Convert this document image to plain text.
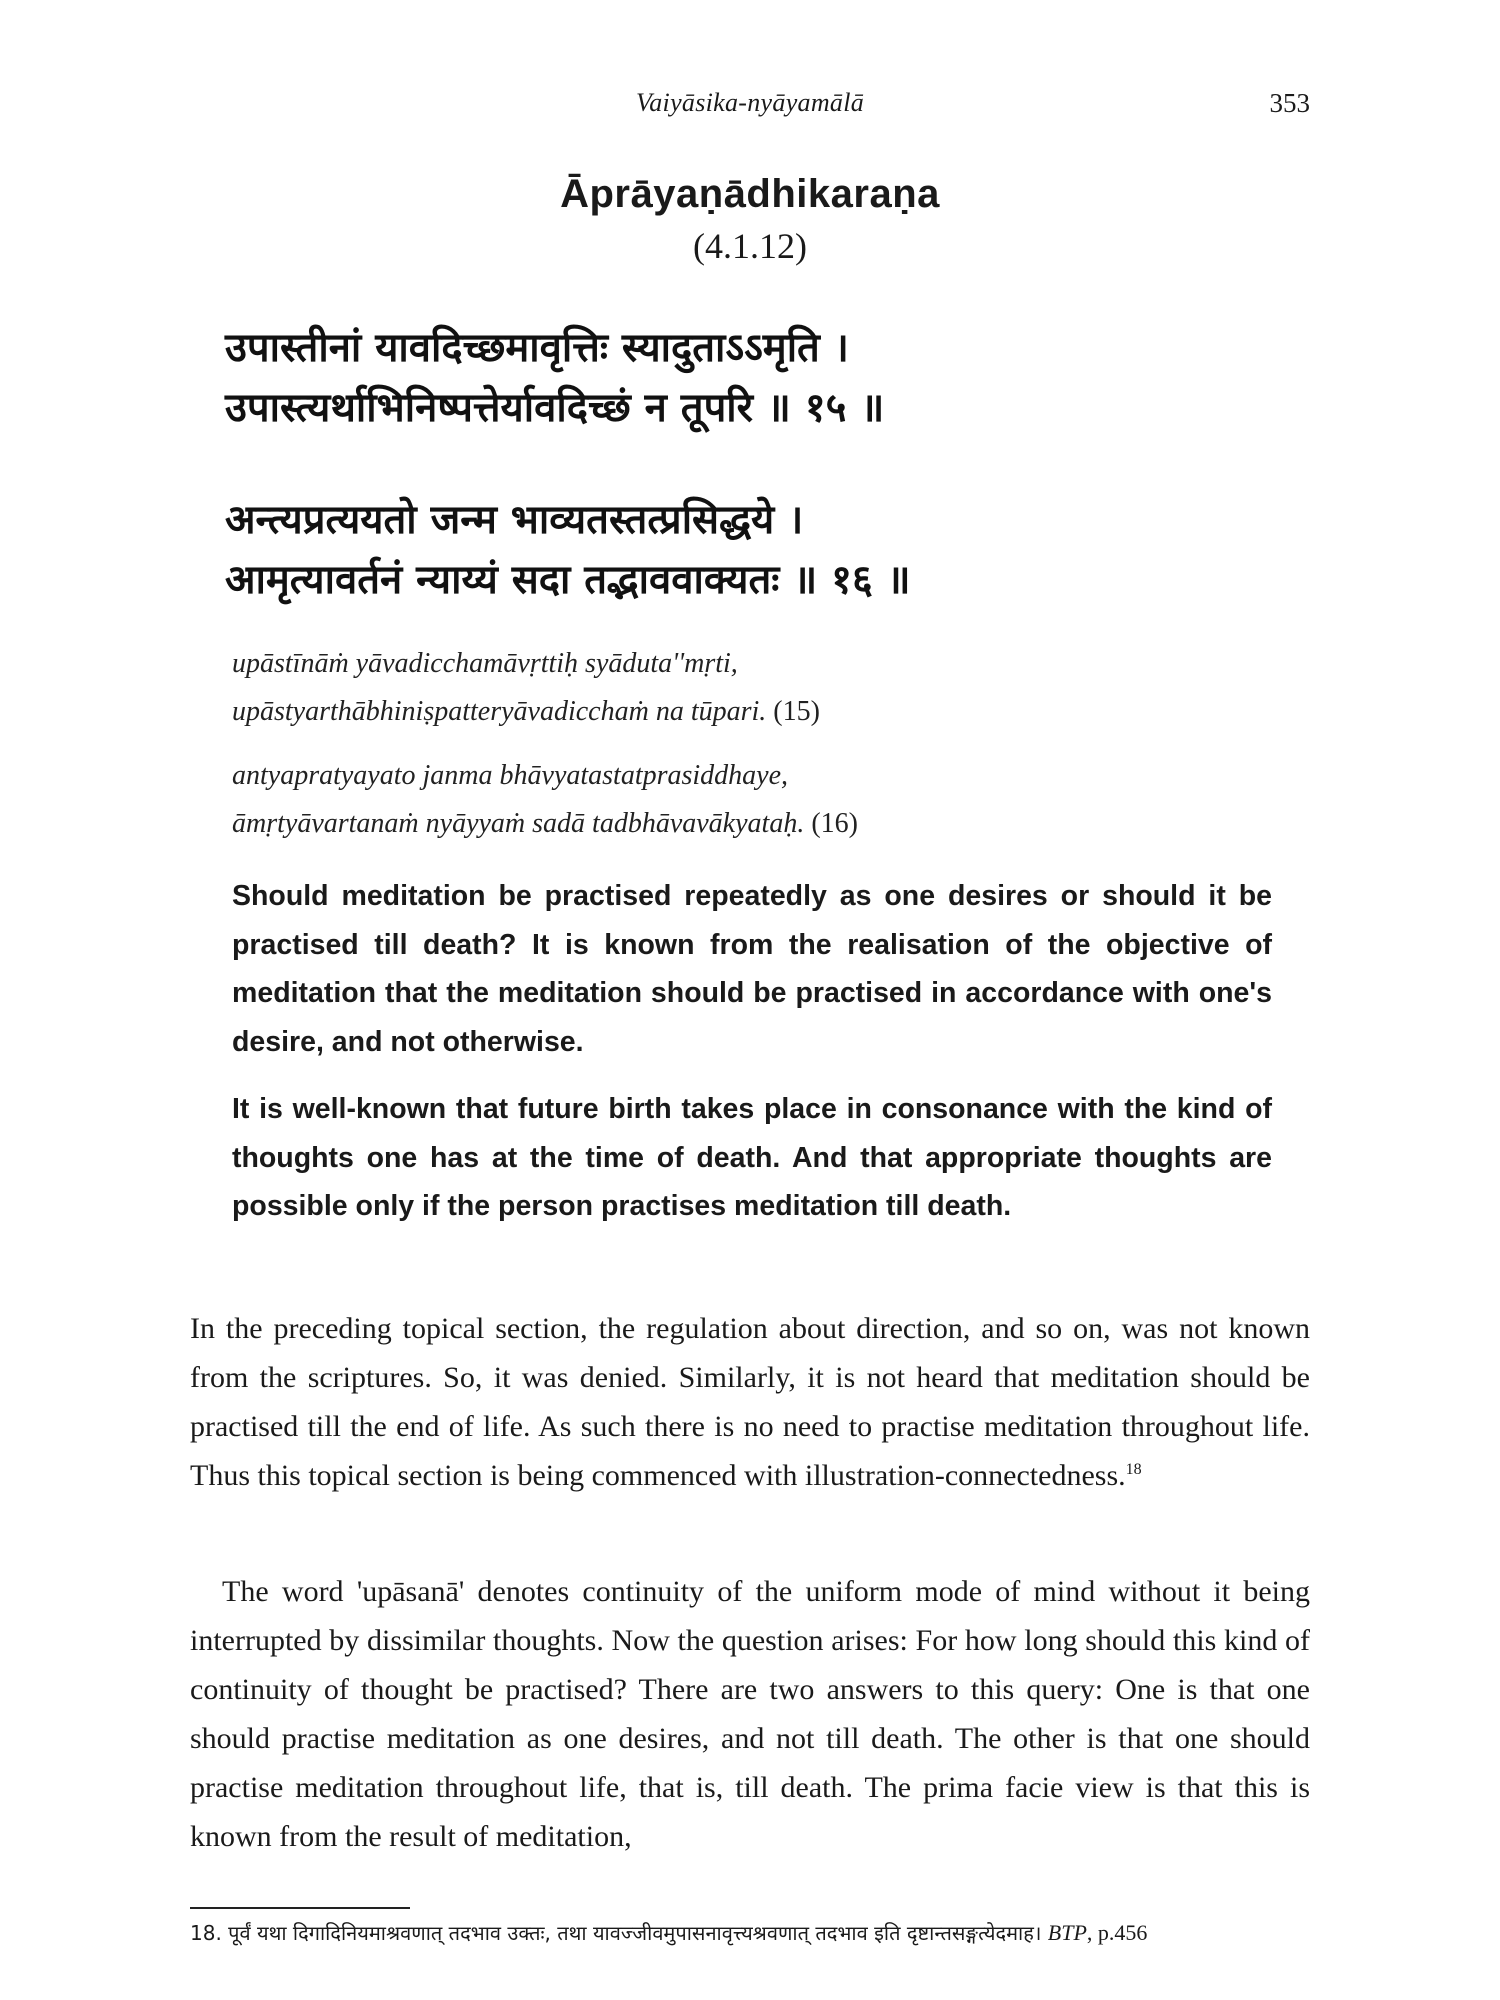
Vaiyāsika-nyāyamālā	353
Āprāyaṇādhikaraṇa
(4.1.12)
उपास्तीनां यावदिच्छमावृत्तिः स्यादुताऽऽमृति ।
उपास्त्यर्थाभिनिष्पत्तेर्यावदिच्छं न तूपरि ॥ १५ ॥
अन्त्यप्रत्ययतो जन्म भाव्यतस्तत्प्रसिद्धये ।
आमृत्यावर्तनं न्याय्यं सदा तद्भाववाक्यतः ॥ १६ ॥
upāstīnāṁ yāvadicchamāvṛttiḥ syāduta''mṛti,
upāstyarthābhiniṣpatteryāvadicchaṁ na tūpari. (15)
antyapratyayato janma bhāvyatastatprasiddhaye,
āmṛtyāvartanaṁ nyāyyaṁ sadā tadbhāvavākyataḥ. (16)
Should meditation be practised repeatedly as one desires or should it be practised till death? It is known from the realisation of the objective of meditation that the meditation should be practised in accordance with one's desire, and not otherwise.
It is well-known that future birth takes place in consonance with the kind of thoughts one has at the time of death. And that appropriate thoughts are possible only if the person practises meditation till death.
In the preceding topical section, the regulation about direction, and so on, was not known from the scriptures. So, it was denied. Similarly, it is not heard that meditation should be practised till the end of life. As such there is no need to practise meditation throughout life. Thus this topical section is being commenced with illustration-connectedness.$^{18}$
The word 'upāsanā' denotes continuity of the uniform mode of mind without it being interrupted by dissimilar thoughts. Now the question arises: For how long should this kind of continuity of thought be practised? There are two answers to this query: One is that one should practise meditation as one desires, and not till death. The other is that one should practise meditation throughout life, that is, till death. The prima facie view is that this is known from the result of meditation,
18. पूर्वं यथा दिगादिनियमाश्रवणात् तदभाव उक्तः, तथा यावज्जीवमुपासनावृत्त्यश्रवणात् तदभाव इति दृष्टान्तसङ्गत्येदमाह। BTP, p.456
